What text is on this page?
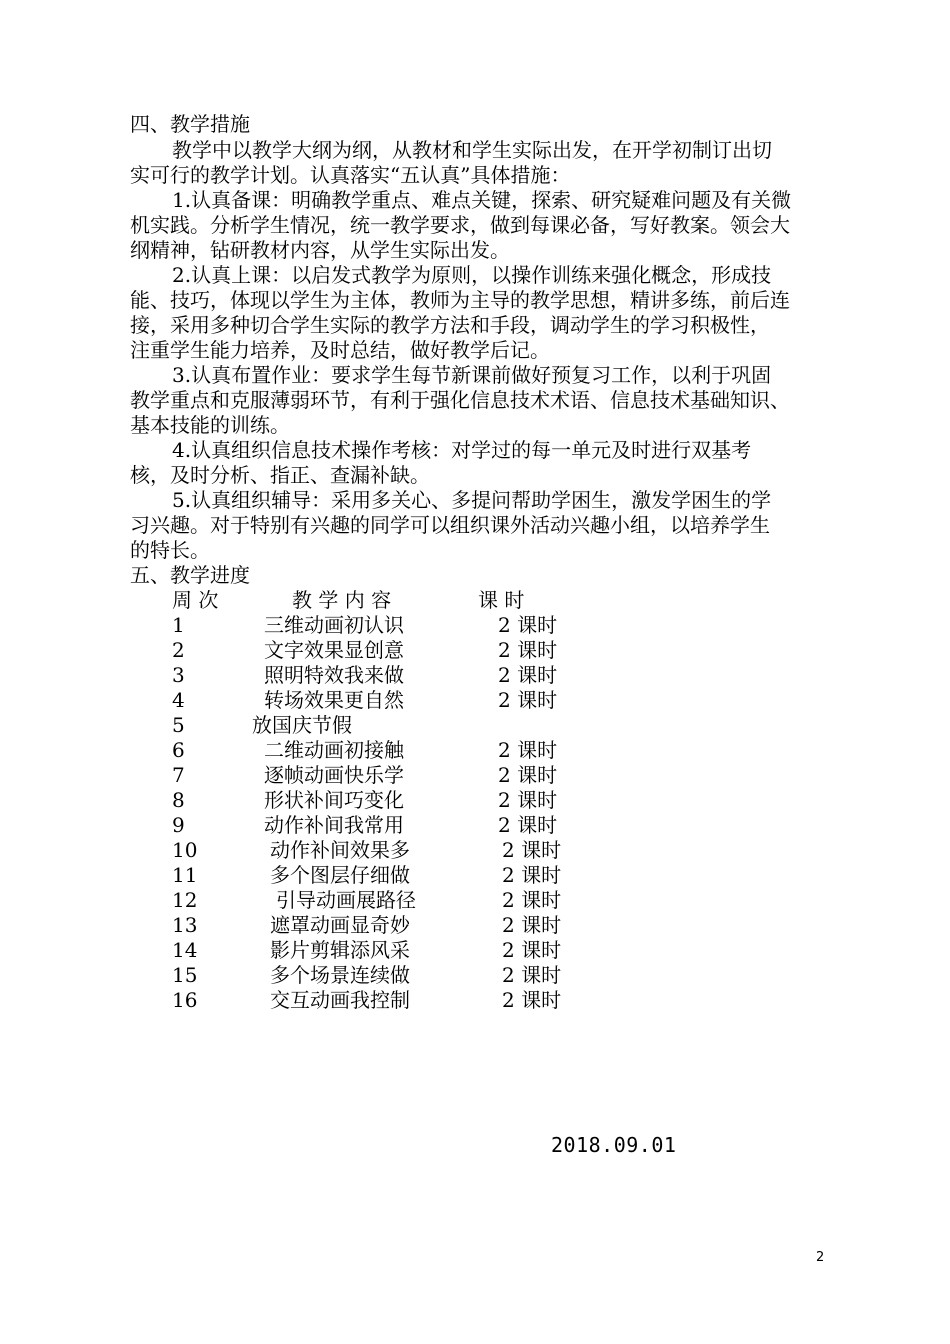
四、教学措施
教学中以教学大纲为纲，从教材和学生实际出发，在开学初制订出切
实可行的教学计划。认真落实“五认真”具体措施：
1.认真备课：明确教学重点、难点关键，探索、研究疑难问题及有关微
机实践。分析学生情况，统一教学要求，做到每课必备，写好教案。领会大
纲精神，钻研教材内容，从学生实际出发。
2.认真上课：以启发式教学为原则，以操作训练来强化概念，形成技
能、技巧，体现以学生为主体，教师为主导的教学思想，精讲多练，前后连
接，采用多种切合学生实际的教学方法和手段，调动学生的学习积极性，
注重学生能力培养，及时总结，做好教学后记。
3.认真布置作业：要求学生每节新课前做好预复习工作，以利于巩固
教学重点和克服薄弱环节，有利于强化信息技术术语、信息技术基础知识、
基本技能的训练。
4.认真组织信息技术操作考核：对学过的每一单元及时进行双基考
核，及时分析、指正、查漏补缺。
5.认真组织辅导：采用多关心、多提问帮助学困生，激发学困生的学
习兴趣。对于特别有兴趣的同学可以组织课外活动兴趣小组，以培养学生
的特长。
五、教学进度
周 次	教 学 内 容	课 时
1	三维动画初认识	2 课时
2	文字效果显创意	2 课时
3	照明特效我来做	2 课时
4	转场效果更自然	2 课时
5	放国庆节假
6	二维动画初接触	2 课时
7	逐帧动画快乐学	2 课时
8	形状补间巧变化	2 课时
9	动作补间我常用	2 课时
10	动作补间效果多	2 课时
11	多个图层仔细做	2 课时
12	引导动画展路径	2 课时
13	遮罩动画显奇妙	2 课时
14	影片剪辑添风采	2 课时
15	多个场景连续做	2 课时
16	交互动画我控制	2 课时
2018.09.01
2
